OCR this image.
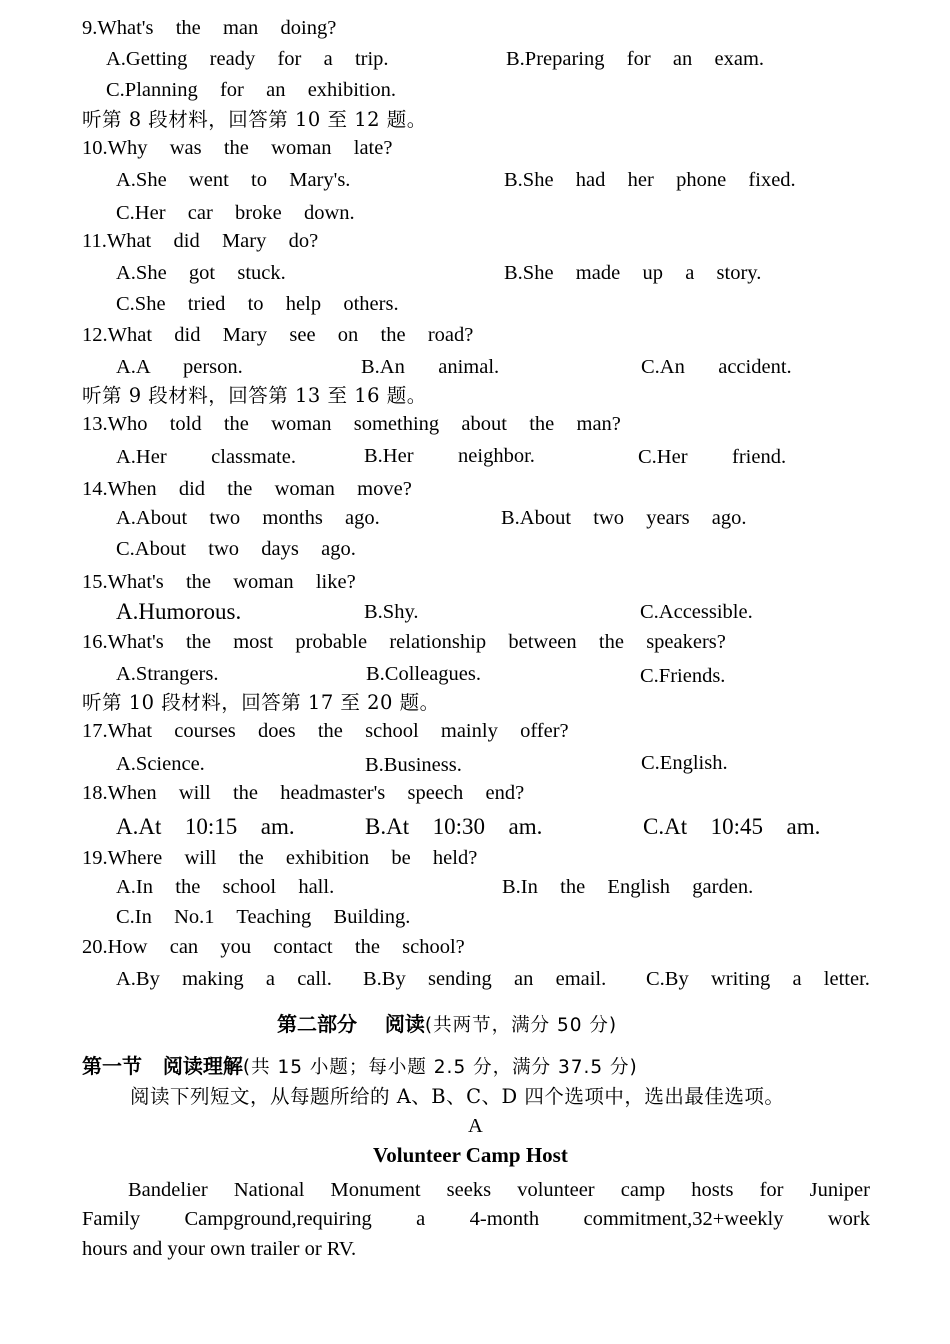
9.What's  the  man  doing?
A.Getting  ready  for  a  trip.	B.Preparing  for  an  exam.
C.Planning  for  an  exhibition.
听第 8 段材料，回答第 10 至 12 题。
10.Why  was  the  woman  late?
A.She  went  to  Mary's.	B.She  had  her  phone  fixed.
C.Her  car  broke  down.
11.What  did  Mary  do?
A.She  got  stuck.	B.She  made  up  a  story.
C.She  tried  to  help  others.
12.What  did  Mary  see  on  the  road?
A.A   person.	B.An   animal.	C.An   accident.
听第 9 段材料，回答第 13 至 16 题。
13.Who  told  the  woman  something  about  the  man?
A.Her    classmate.	B.Her    neighbor.	C.Her    friend.
14.When  did  the  woman  move?
A.About  two  months  ago.	B.About  two  years  ago.
C.About  two  days  ago.
15.What's  the  woman  like?
A.Humorous.	B.Shy.	C.Accessible.
16.What's  the  most  probable  relationship  between  the  speakers?
A.Strangers.	B.Colleagues.	C.Friends.
听第 10 段材料，回答第 17 至 20 题。
17.What  courses  does  the  school  mainly  offer?
A.Science.	B.Business.	C.English.
18.When  will  the  headmaster's  speech  end?
A.At  10:15  am.	B.At  10:30  am.	C.At  10:45  am.
19.Where  will  the  exhibition  be  held?
A.In  the  school  hall.	B.In  the  English  garden.
C.In  No.1  Teaching  Building.
20.How  can  you  contact  the  school?
A.By  making  a  call. B.By  sending  an  email. C.By  writing  a  letter.
第二部分    阅读(共两节，满分 50 分)
第一节   阅读理解(共 15 小题；每小题 2.5 分，满分 37.5 分)
阅读下列短文，从每题所给的 A、B、C、D 四个选项中，选出最佳选项。
A
Volunteer Camp Host
Bandelier National Monument seeks volunteer camp hosts for Juniper
Family Campground,requiring a 4-month commitment,32+weekly work
hours and your own trailer or RV.
